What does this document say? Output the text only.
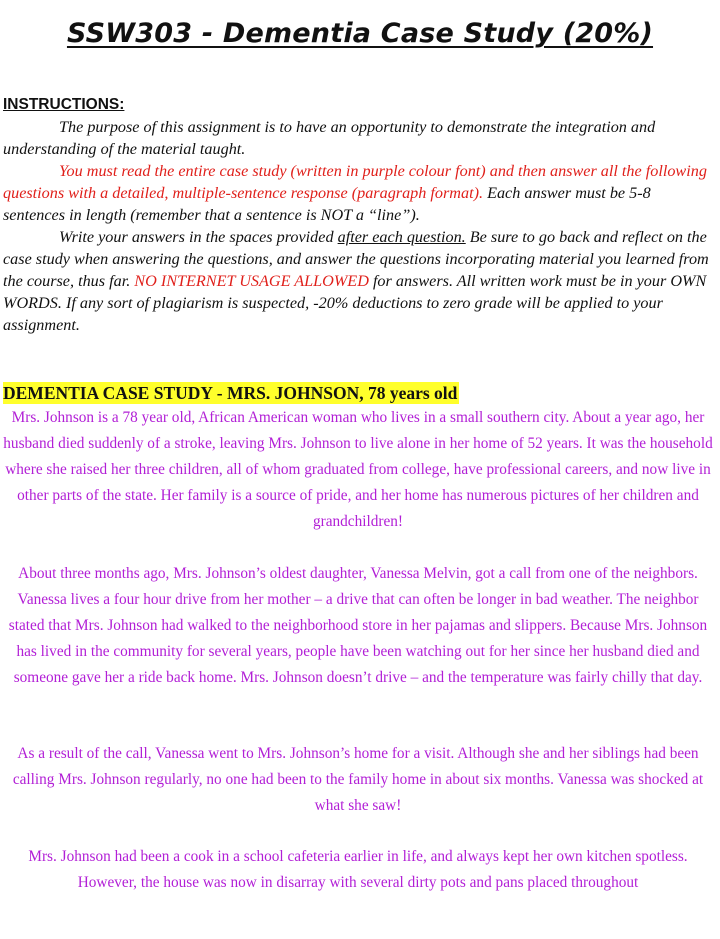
SSW303 - Dementia Case Study (20%)
INSTRUCTIONS:

The purpose of this assignment is to have an opportunity to demonstrate the integration and understanding of the material taught.

You must read the entire case study (written in purple colour font) and then answer all the following questions with a detailed, multiple-sentence response (paragraph format). Each answer must be 5-8 sentences in length (remember that a sentence is NOT a “line”).

Write your answers in the spaces provided after each question. Be sure to go back and reflect on the case study when answering the questions, and answer the questions incorporating material you learned from the course, thus far. NO INTERNET USAGE ALLOWED for answers. All written work must be in your OWN WORDS. If any sort of plagiarism is suspected, -20% deductions to zero grade will be applied to your assignment.

DEMENTIA CASE STUDY - MRS. JOHNSON, 78 years old

Mrs. Johnson is a 78 year old, African American woman who lives in a small southern city. About a year ago, her husband died suddenly of a stroke, leaving Mrs. Johnson to live alone in her home of 52 years. It was the household where she raised her three children, all of whom graduated from college, have professional careers, and now live in other parts of the state. Her family is a source of pride, and her home has numerous pictures of her children and grandchildren!

About three months ago, Mrs. Johnson’s oldest daughter, Vanessa Melvin, got a call from one of the neighbors. Vanessa lives a four hour drive from her mother – a drive that can often be longer in bad weather. The neighbor stated that Mrs. Johnson had walked to the neighborhood store in her pajamas and slippers. Because Mrs. Johnson has lived in the community for several years, people have been watching out for her since her husband died and someone gave her a ride back home. Mrs. Johnson doesn’t drive – and the temperature was fairly chilly that day.

As a result of the call, Vanessa went to Mrs. Johnson’s home for a visit. Although she and her siblings had been calling Mrs. Johnson regularly, no one had been to the family home in about six months. Vanessa was shocked at what she saw!

Mrs. Johnson had been a cook in a school cafeteria earlier in life, and always kept her own kitchen spotless. However, the house was now in disarray with several dirty pots and pans placed throughout
